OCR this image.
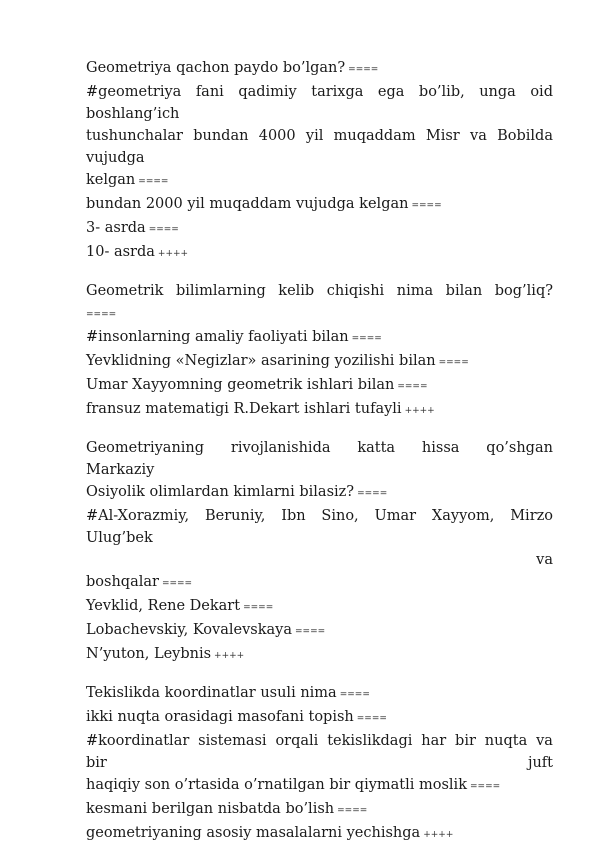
Geometriya qachon paydo bo’lgan? ====
#geometriya fani qadimiy tarixga ega bo’lib, unga oid
boshlang’ich
tushunchalar bundan 4000 yil muqaddam Misr va Bobilda
vujudga
kelgan ====
bundan 2000 yil muqaddam vujudga kelgan ====
3- asrda ====
10- asrda ++++
Geometrik bilimlarning kelib chiqishi nima bilan bog’liq?
====
#insonlarning amaliy faoliyati bilan ====
Yevklidning «Negizlar» asarining yozilishi bilan ====
Umar Xayyomning geometrik ishlari bilan ====
fransuz matematigi R.Dekart ishlari tufayli ++++
Geometriyaning rivojlanishida katta hissa qo’shgan
Markaziy
Osiyolik olimlardan kimlarni bilasiz? ====
#Al-Xorazmiy, Beruniy, Ibn Sino, Umar Xayyom, Mirzo
Ulug’bek
va
boshqalar ====
Yevklid, Rene Dekart ====
Lobachevskiy, Kovalevskaya ====
N’yuton, Leybnis ++++
Tekislikda koordinatlar usuli nima ====
ikki nuqta orasidagi masofani topish ====
#koordinatlar sistemasi orqali tekislikdagi har bir nuqta va
bir	juft
haqiqiy son o’rtasida o’rnatilgan bir qiymatli moslik ====
kesmani berilgan nisbatda bo’lish ====
geometriyaning asosiy masalalarni yechishga ++++
